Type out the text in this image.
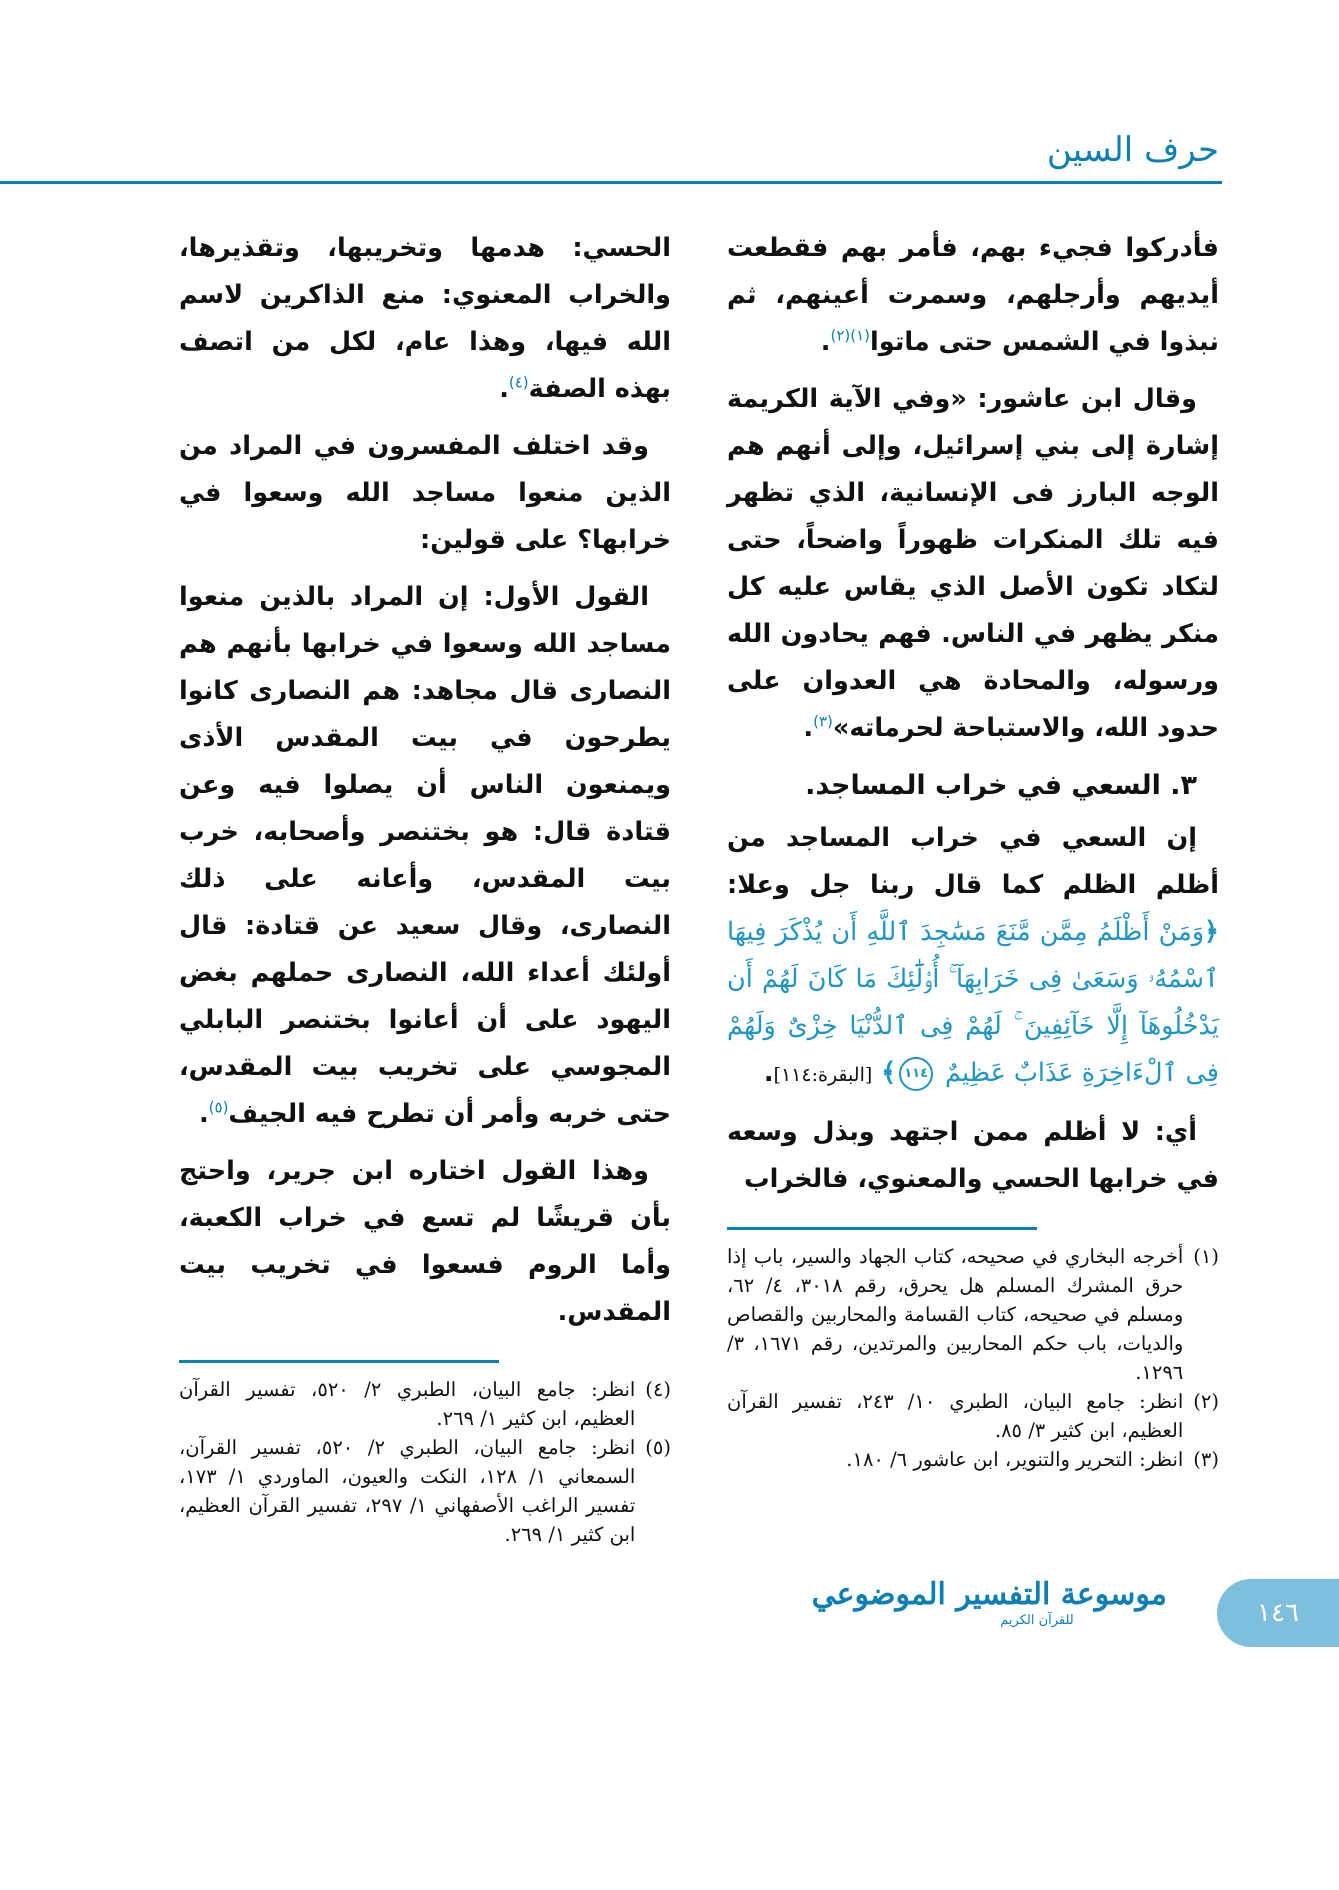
حرف السين

فأدركوا فجيء بهم، فأمر بهم فقطعت أيديهم وأرجلهم، وسمرت أعينهم، ثم نبذوا في الشمس حتى ماتوا$^{(١)(٢)}$.

وقال ابن عاشور: «وفي الآية الكريمة إشارة إلى بني إسرائيل، وإلى أنهم هم الوجه البارز فى الإنسانية، الذي تظهر فيه تلك المنكرات ظهوراً واضحاً، حتى لتكاد تكون الأصل الذي يقاس عليه كل منكر يظهر في الناس. فهم يحادون الله ورسوله، والمحادة هي العدوان على حدود الله، والاستباحة لحرماته»$^{(٣)}$.

٣. السعي في خراب المساجد.

إن السعي في خراب المساجد من أظلم الظلم كما قال ربنا جل وعلا: ﴿وَمَنْ أَظْلَمُ مِمَّن مَّنَعَ مَسَٰجِدَ ٱللَّهِ أَن يُذْكَرَ فِيهَا ٱسْمُهُۥ وَسَعَىٰ فِى خَرَابِهَآ ۚ أُو۟لَٰٓئِكَ مَا كَانَ لَهُمْ أَن يَدْخُلُوهَآ إِلَّا خَآئِفِينَ ۚ لَهُمْ فِى ٱلدُّنْيَا خِزْىٌ وَلَهُمْ فِى ٱلْءَاخِرَةِ عَذَابٌ عَظِيمٌ ١١٤﴾ [البقرة:١١٤].

أي: لا أظلم ممن اجتهد وبذل وسعه في خرابها الحسي والمعنوي، فالخراب

(١)
أخرجه البخاري في صحيحه، كتاب الجهاد والسير، باب إذا حرق المشرك المسلم هل يحرق، رقم ٣٠١٨، ٤/ ٦٢، ومسلم في صحيحه، كتاب القسامة والمحاربين والقصاص والديات، باب حكم المحاربين والمرتدين، رقم ١٦٧١، ٣/ ١٢٩٦.
(٢)
انظر: جامع البيان، الطبري ١٠/ ٢٤٣، تفسير القرآن العظيم، ابن كثير ٣/ ٨٥.
(٣)
انظر: التحرير والتنوير، ابن عاشور ٦/ ١٨٠.

الحسي: هدمها وتخريبها، وتقذيرها، والخراب المعنوي: منع الذاكرين لاسم الله فيها، وهذا عام، لكل من اتصف بهذه الصفة$^{(٤)}$.

وقد اختلف المفسرون في المراد من الذين منعوا مساجد الله وسعوا في خرابها؟ على قولين:

القول الأول: إن المراد بالذين منعوا مساجد الله وسعوا في خرابها بأنهم هم النصارى قال مجاهد: هم النصارى كانوا يطرحون في بيت المقدس الأذى ويمنعون الناس أن يصلوا فيه وعن قتادة قال: هو بختنصر وأصحابه، خرب بيت المقدس، وأعانه على ذلك النصارى، وقال سعيد عن قتادة: قال أولئك أعداء الله، النصارى حملهم بغض اليهود على أن أعانوا بختنصر البابلي المجوسي على تخريب بيت المقدس، حتى خربه وأمر أن تطرح فيه الجيف$^{(٥)}$.

وهذا القول اختاره ابن جرير، واحتج بأن قريشًا لم تسع في خراب الكعبة، وأما الروم فسعوا في تخريب بيت المقدس.

(٤)
انظر: جامع البيان، الطبري ٢/ ٥٢٠، تفسير القرآن العظيم، ابن كثير ١/ ٢٦٩.
(٥)
انظر: جامع البيان، الطبري ٢/ ٥٢٠، تفسير القرآن، السمعاني ١/ ١٢٨، النكت والعيون، الماوردي ١/ ١٧٣، تفسير الراغب الأصفهاني ١/ ٢٩٧، تفسير القرآن العظيم، ابن كثير ١/ ٢٦٩.
موسوعة التفسير الموضوعي
للقرآن الكريم	١٤٦
